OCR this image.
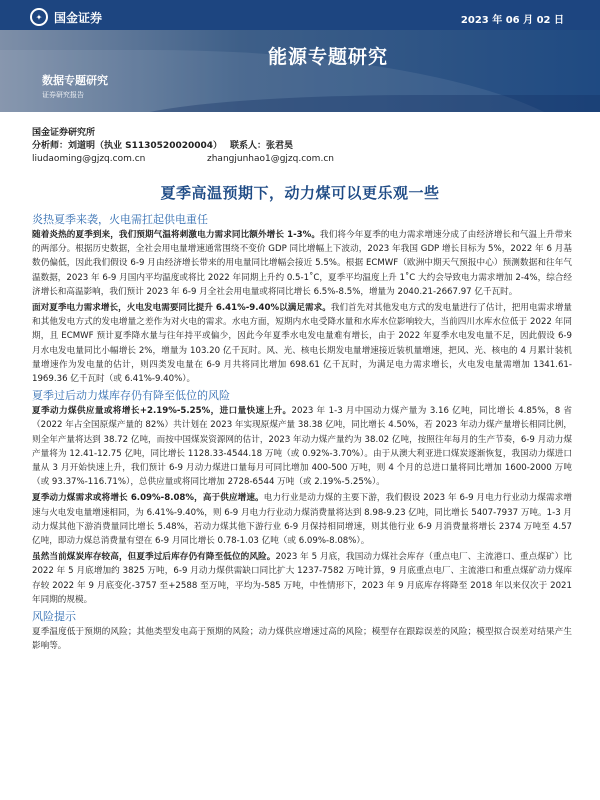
✦ 国金证券	2023 年 06 月 02 日
能源专题研究
数据专题研究
证券研究报告
国金证券研究所
分析师：刘道明（执业 S1130520020004） 联系人：张君昊
liudaoming@gjzq.com.cn	zhangjunhao1@gjzq.com.cn
夏季高温预期下，动力煤可以更乐观一些
炎热夏季来袭，火电需扛起供电重任

随着炎热的夏季到来，我们预期气温将刺激电力需求同比额外增长 1-3%。我们将今年夏季的电力需求增速分成了由经济增长和气温上升带来的两部分。根据历史数据，全社会用电量增速通常围绕不变价 GDP 同比增幅上下波动，2023 年我国 GDP 增长目标为 5%，2022 年 6 月基数仍偏低，因此我们假设 6-9 月由经济增长带来的用电量同比增幅会接近 5.5%。根据 ECMWF（欧洲中期天气预报中心）预测数据和往年气温数据，2023 年 6-9 月国内平均温度或将比 2022 年同期上升约 0.5-1˚C，夏季平均温度上升 1˚C 大约会导致电力需求增加 2-4%，综合经济增长和高温影响，我们预计 2023 年 6-9 月全社会用电量或将同比增长 6.5%-8.5%，增量为 2040.21-2667.97 亿千瓦时。

面对夏季电力需求增长，火电发电需要同比提升 6.41%-9.40%以满足需求。我们首先对其他发电方式的发电量进行了估计，把用电需求增量和其他发电方式的发电增量之差作为对火电的需求。水电方面，短期内水电受降水量和水库水位影响较大，当前四川水库水位低于 2022 年同期，且 ECMWF 预计夏季降水量与往年持平或偏少，因此今年夏季水电发电量难有增长，由于 2022 年夏季水电发电量不足，因此假设 6-9 月水电发电量同比小幅增长 2%，增量为 103.20 亿千瓦时。风、光、核电长期发电量增速接近装机量增速，把风、光、核电的 4 月累计装机量增速作为发电量的估计，则四类发电量在 6-9 月共将同比增加 698.61 亿千瓦时，为满足电力需求增长，火电发电量需增加 1341.61-1969.36 亿千瓦时（或 6.41%-9.40%）。

夏季过后动力煤库存仍有降至低位的风险

夏季动力煤供应量或将增长+2.19%-5.25%，进口量快速上升。2023 年 1-3 月中国动力煤产量为 3.16 亿吨，同比增长 4.85%，8 省（2022 年占全国原煤产量的 82%）共计划在 2023 年实现原煤产量 38.38 亿吨，同比增长 4.50%，若 2023 年动力煤产量增长相同比例，则全年产量将达到 38.72 亿吨，而按中国煤炭资源网的估计，2023 年动力煤产量约为 38.02 亿吨，按照往年每月的生产节奏，6-9 月动力煤产量将为 12.41-12.75 亿吨，同比增长 1128.33-4544.18 万吨（或 0.92%-3.70%）。由于从澳大利亚进口煤炭逐渐恢复，我国动力煤进口量从 3 月开始快速上升，我们预计 6-9 月动力煤进口量每月可同比增加 400-500 万吨，则 4 个月的总进口量将同比增加 1600-2000 万吨（或 93.37%-116.71%），总供应量或将同比增加 2728-6544 万吨（或 2.19%-5.25%）。

夏季动力煤需求或将增长 6.09%-8.08%，高于供应增速。电力行业是动力煤的主要下游，我们假设 2023 年 6-9 月电力行业动力煤需求增速与火电发电量增速相同，为 6.41%-9.40%，则 6-9 月电力行业动力煤消费量将达到 8.98-9.23 亿吨，同比增长 5407-7937 万吨。1-3 月动力煤其他下游消费量同比增长 5.48%，若动力煤其他下游行业 6-9 月保持相同增速，则其他行业 6-9 月消费量将增长 2374 万吨至 4.57 亿吨，即动力煤总消费量有望在 6-9 月同比增长 0.78-1.03 亿吨（或 6.09%-8.08%）。

虽然当前煤炭库存较高，但夏季过后库存仍有降至低位的风险。2023 年 5 月底，我国动力煤社会库存（重点电厂、主流港口、重点煤矿）比 2022 年 5 月底增加约 3825 万吨，6-9 月动力煤供需缺口同比扩大 1237-7582 万吨计算，9 月底重点电厂、主流港口和重点煤矿动力煤库存较 2022 年 9 月底变化-3757 至+2588 至万吨，平均为-585 万吨，中性情形下，2023 年 9 月底库存将降至 2018 年以来仅次于 2021 年同期的规模。

风险提示

夏季温度低于预期的风险；其他类型发电高于预期的风险；动力煤供应增速过高的风险；模型存在跟踪误差的风险；模型拟合误差对结果产生影响等。
